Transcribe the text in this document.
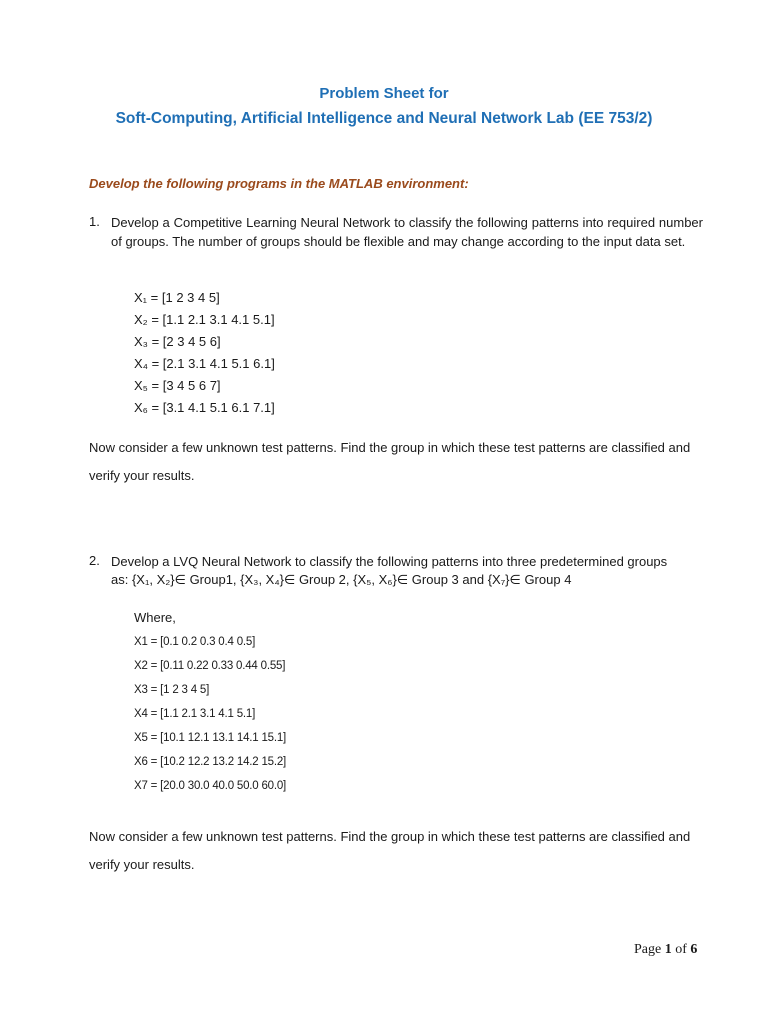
Problem Sheet for
Soft-Computing, Artificial Intelligence and Neural Network Lab (EE 753/2)
Develop the following programs in the MATLAB environment:
1. Develop a Competitive Learning Neural Network to classify the following patterns into required number of groups. The number of groups should be flexible and may change according to the input data set.
X₁ = [1 2 3 4 5]
X₂ = [1.1 2.1 3.1 4.1 5.1]
X₃ = [2 3 4 5 6]
X₄ = [2.1 3.1 4.1 5.1 6.1]
X₅ = [3 4 5 6 7]
X₆ = [3.1 4.1 5.1 6.1 7.1]
Now consider a few unknown test patterns. Find the group in which these test patterns are classified and verify your results.
2. Develop a LVQ Neural Network to classify the following patterns into three predetermined groups
as: {X₁, X₂}∈ Group1, {X₃, X₄}∈ Group 2, {X₅, X₆}∈ Group 3 and {X₇}∈ Group 4
Where,
X1 = [0.1 0.2 0.3 0.4 0.5]
X2 = [0.11 0.22 0.33 0.44 0.55]
X3 = [1 2 3 4 5]
X4 = [1.1 2.1 3.1 4.1 5.1]
X5 = [10.1 12.1 13.1 14.1 15.1]
X6 = [10.2 12.2 13.2 14.2 15.2]
X7 = [20.0 30.0 40.0 50.0 60.0]
Now consider a few unknown test patterns. Find the group in which these test patterns are classified and verify your results.
Page 1 of 6
